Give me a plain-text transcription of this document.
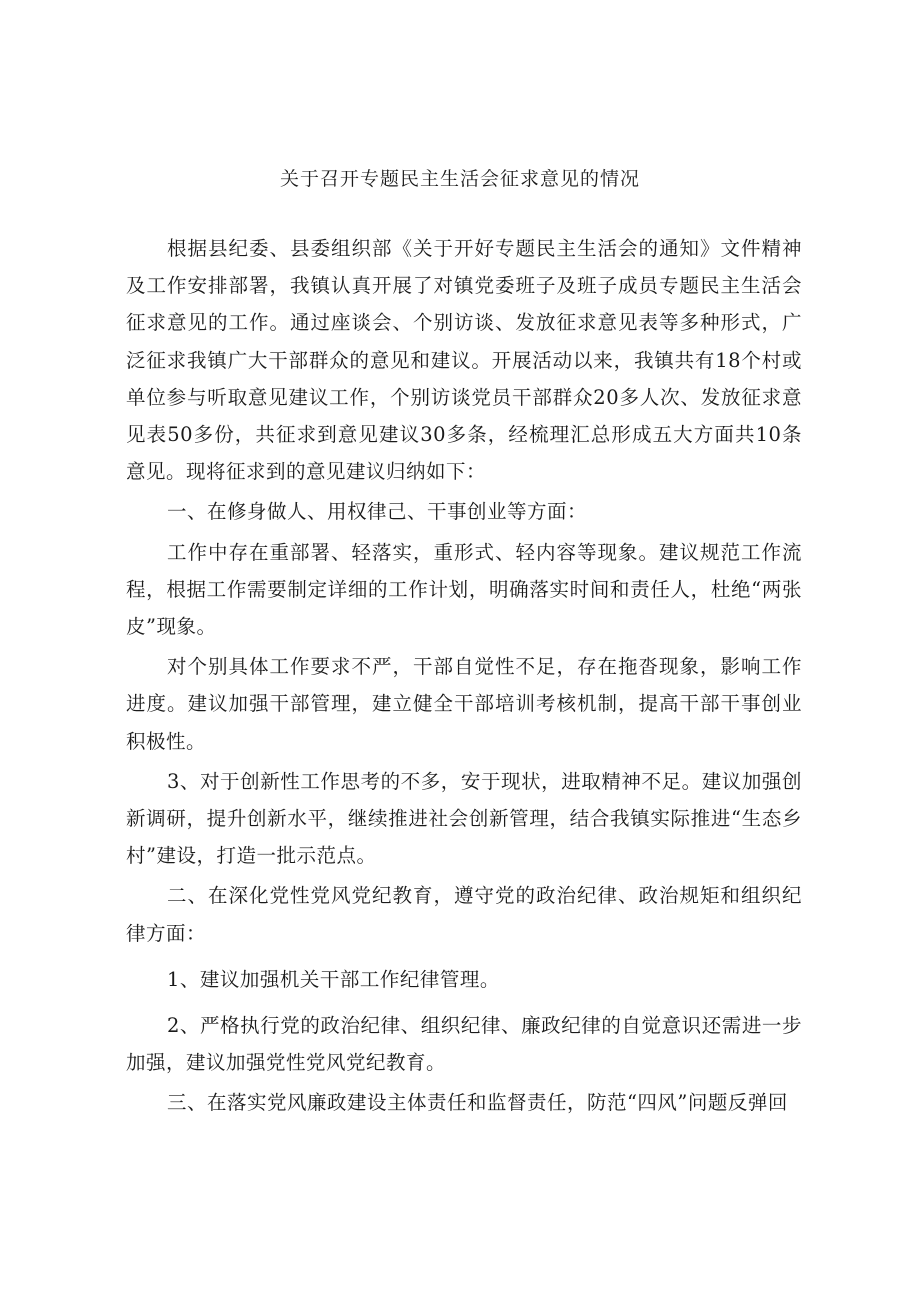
关于召开专题民主生活会征求意见的情况

根据县纪委、县委组织部《关于开好专题民主生活会的通知》文件精神及工作安排部署，我镇认真开展了对镇党委班子及班子成员专题民主生活会征求意见的工作。通过座谈会、个别访谈、发放征求意见表等多种形式，广泛征求我镇广大干部群众的意见和建议。开展活动以来，我镇共有18个村或单位参与听取意见建议工作，个别访谈党员干部群众20多人次、发放征求意见表50多份，共征求到意见建议30多条，经梳理汇总形成五大方面共10条意见。现将征求到的意见建议归纳如下：

一、在修身做人、用权律己、干事创业等方面：

工作中存在重部署、轻落实，重形式、轻内容等现象。建议规范工作流程，根据工作需要制定详细的工作计划，明确落实时间和责任人，杜绝“两张皮”现象。

对个别具体工作要求不严，干部自觉性不足，存在拖沓现象，影响工作进度。建议加强干部管理，建立健全干部培训考核机制，提高干部干事创业积极性。

3、对于创新性工作思考的不多，安于现状，进取精神不足。建议加强创新调研，提升创新水平，继续推进社会创新管理，结合我镇实际推进“生态乡村”建设，打造一批示范点。

二、在深化党性党风党纪教育，遵守党的政治纪律、政治规矩和组织纪律方面：

1、建议加强机关干部工作纪律管理。

2、严格执行党的政治纪律、组织纪律、廉政纪律的自觉意识还需进一步加强，建议加强党性党风党纪教育。

三、在落实党风廉政建设主体责任和监督责任，防范“四风”问题反弹回
